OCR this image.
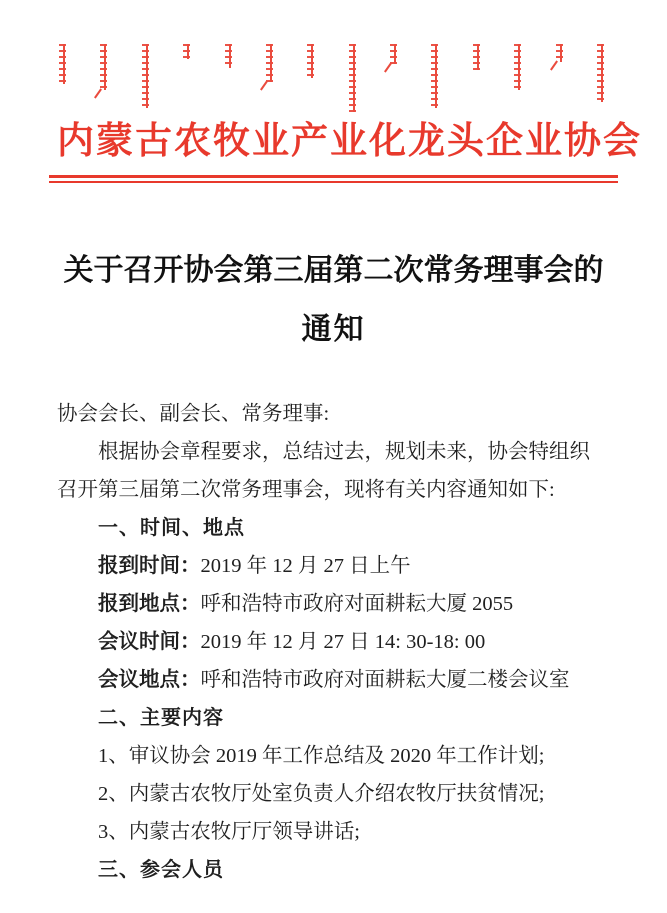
内蒙古农牧业产业化龙头企业协会
关于召开协会第三届第二次常务理事会的
通知

协会会长、副会长、常务理事:

根据协会章程要求，总结过去，规划未来，协会特组织

召开第三届第二次常务理事会，现将有关内容通知如下:

一、时间、地点

报到时间：2019 年 12 月 27 日上午

报到地点：呼和浩特市政府对面耕耘大厦 2055

会议时间：2019 年 12 月 27 日 14: 30-18: 00

会议地点：呼和浩特市政府对面耕耘大厦二楼会议室

二、主要内容

1、审议协会 2019 年工作总结及 2020 年工作计划;

2、内蒙古农牧厅处室负责人介绍农牧厅扶贫情况;

3、内蒙古农牧厅厅领导讲话;

三、参会人员
